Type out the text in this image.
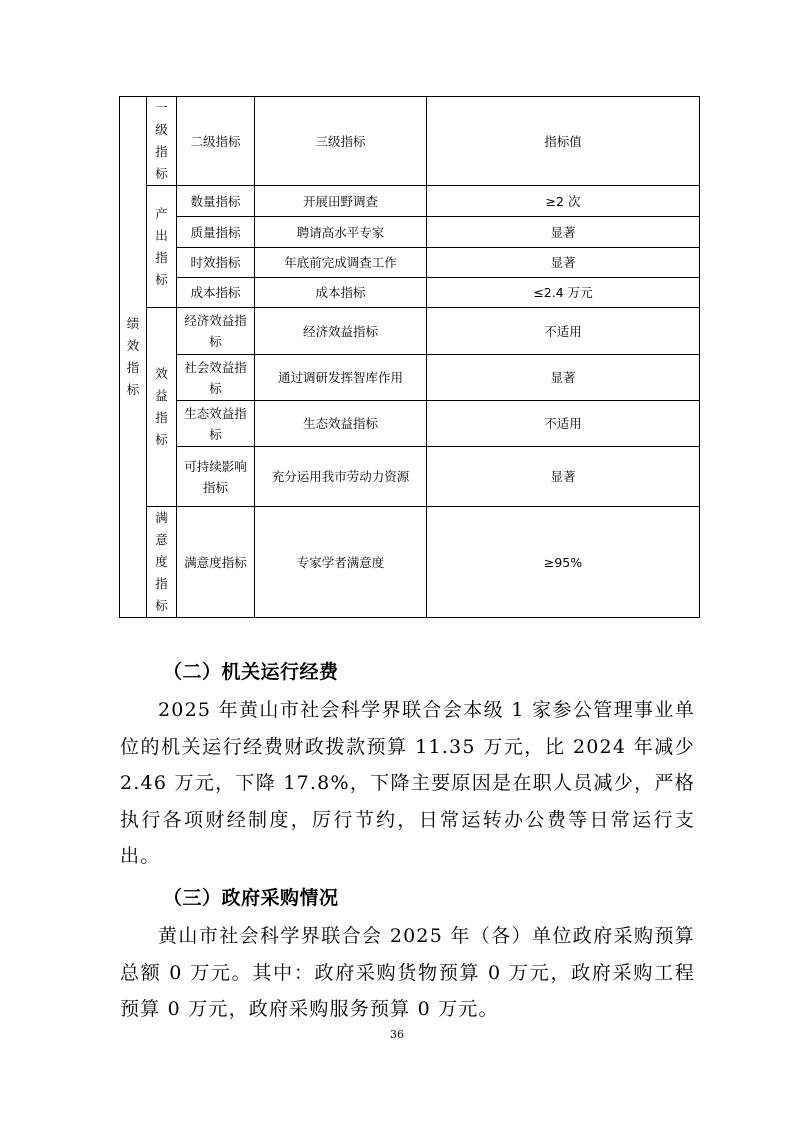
绩效指标	一级指标	二级指标	三级指标	指标值

	产出指标	数量指标	开展田野调查	≥2 次
		质量指标	聘请高水平专家	显著
		时效指标	年底前完成调查工作	显著
		成本指标	成本指标	≤2.4 万元

	效益指标	经济效益指标	经济效益指标	不适用
		社会效益指标	通过调研发挥智库作用	显著
		生态效益指标	生态效益指标	不适用
		可持续影响指标	充分运用我市劳动力资源	显著

	满意度指标	满意度指标	专家学者满意度	≥95%
（二）机关运行经费

2025 年黄山市社会科学界联合会本级 1 家参公管理事业单位的机关运行经费财政拨款预算 11.35 万元，比 2024 年减少 2.46 万元，下降 17.8%，下降主要原因是在职人员减少，严格执行各项财经制度，厉行节约，日常运转办公费等日常运行支出。

（三）政府采购情况

黄山市社会科学界联合会 2025 年（各）单位政府采购预算总额 0 万元。其中：政府采购货物预算 0 万元，政府采购工程预算 0 万元，政府采购服务预算 0 万元。

36
